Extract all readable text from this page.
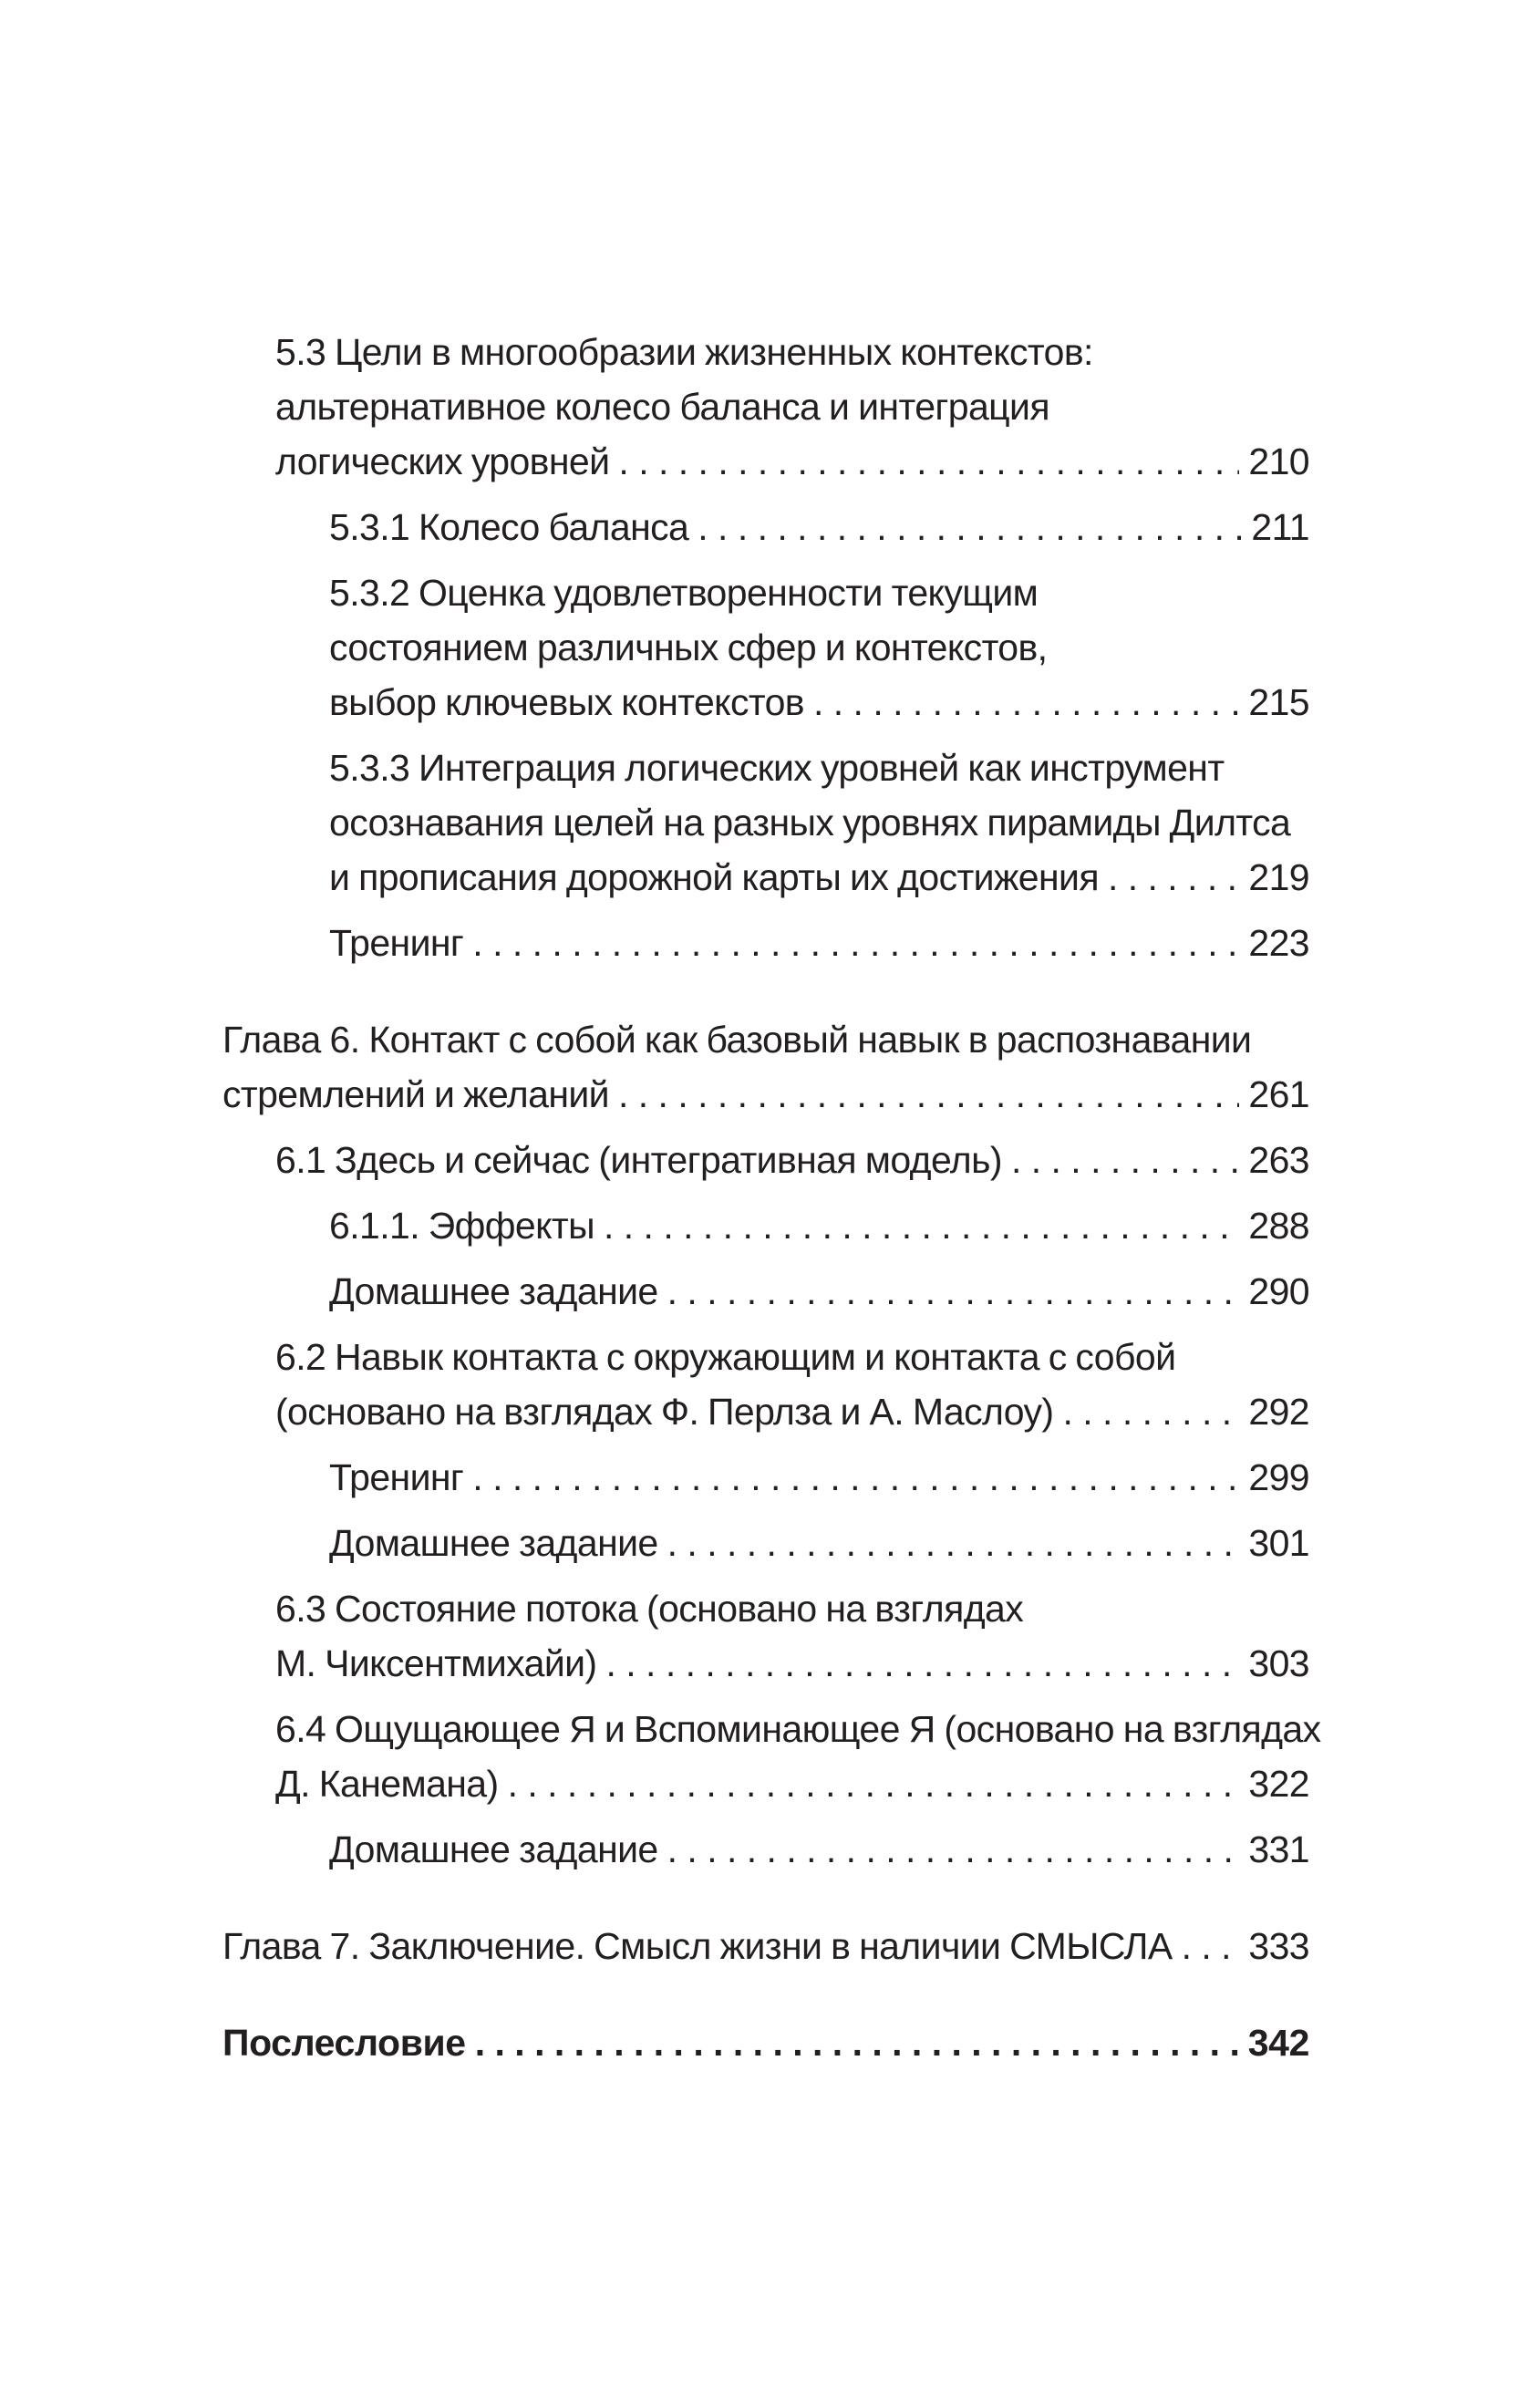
5.3 Цели в многообразии жизненных контекстов:
альтернативное колесо баланса и интеграция
логических уровней . . .	210
5.3.1 Колесо баланса . . .	211
5.3.2 Оценка удовлетворенности текущим
состоянием различных сфер и контекстов,
выбор ключевых контекстов . . .	215
5.3.3 Интеграция логических уровней как инструмент
осознавания целей на разных уровнях пирамиды Дилтса
и прописания дорожной карты их достижения . . .	219
Тренинг . . .	223
Глава 6. Контакт с собой как базовый навык в распознавании
стремлений и желаний . . .	261
6.1 Здесь и сейчас (интегративная модель) . . .	263
6.1.1. Эффекты . . .	288
Домашнее задание . . .	290
6.2 Навык контакта с окружающим и контакта с собой
(основано на взглядах Ф. Перлза и А. Маслоу) . . .	292
Тренинг . . .	299
Домашнее задание . . .	301
6.3 Состояние потока (основано на взглядах
М. Чиксентмихайи) . . .	303
6.4 Ощущающее Я и Вспоминающее Я (основано на взглядах
Д. Канемана) . . .	322
Домашнее задание . . .	331
Глава 7. Заключение. Смысл жизни в наличии СМЫСЛА . . . 333
Послесловие . . .	342
